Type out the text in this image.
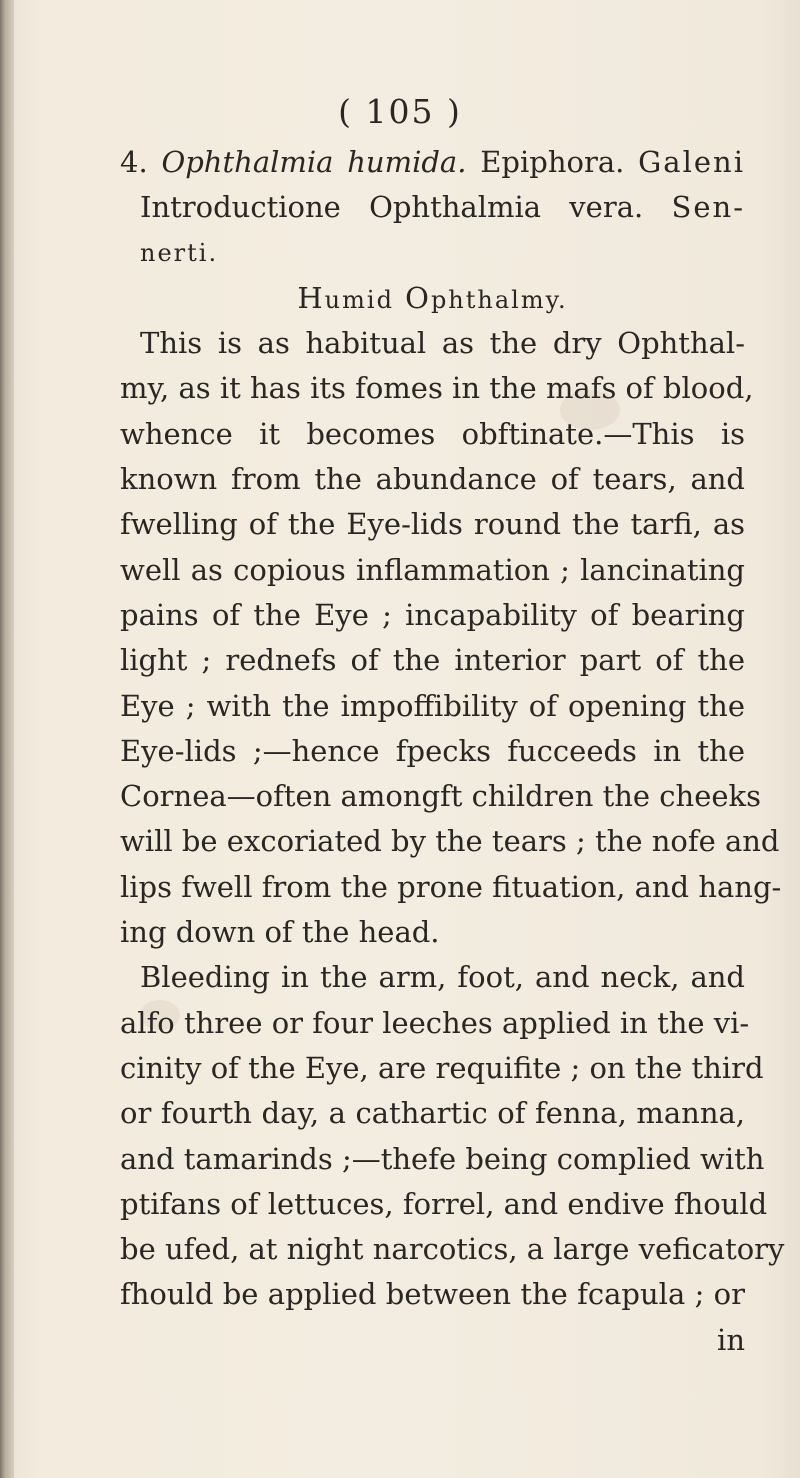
( 105 )
4. Ophthalmia humida. Epiphora. Galeni
Introductione Ophthalmia vera. Sen-
nerti.
Humid Ophthalmy.
This is as habitual as the dry Ophthal-
my, as it has its fomes in the mafs of blood,
whence it becomes obftinate.—This is
known from the abundance of tears, and
fwelling of the Eye-lids round the tarfi, as
well as copious inflammation ; lancinating
pains of the Eye ; incapability of bearing
light ; rednefs of the interior part of the
Eye ; with the impoffibility of opening the
Eye-lids ;—hence fpecks fucceeds in the
Cornea—often amongft children the cheeks
will be excoriated by the tears ; the nofe and
lips fwell from the prone fituation, and hang-
ing down of the head.
Bleeding in the arm, foot, and neck, and
alfo three or four leeches applied in the vi-
cinity of the Eye, are requifite ; on the third
or fourth day, a cathartic of fenna, manna,
and tamarinds ;—thefe being complied with
ptifans of lettuces, forrel, and endive fhould
be ufed, at night narcotics, a large veficatory
fhould be applied between the fcapula ; or
in
